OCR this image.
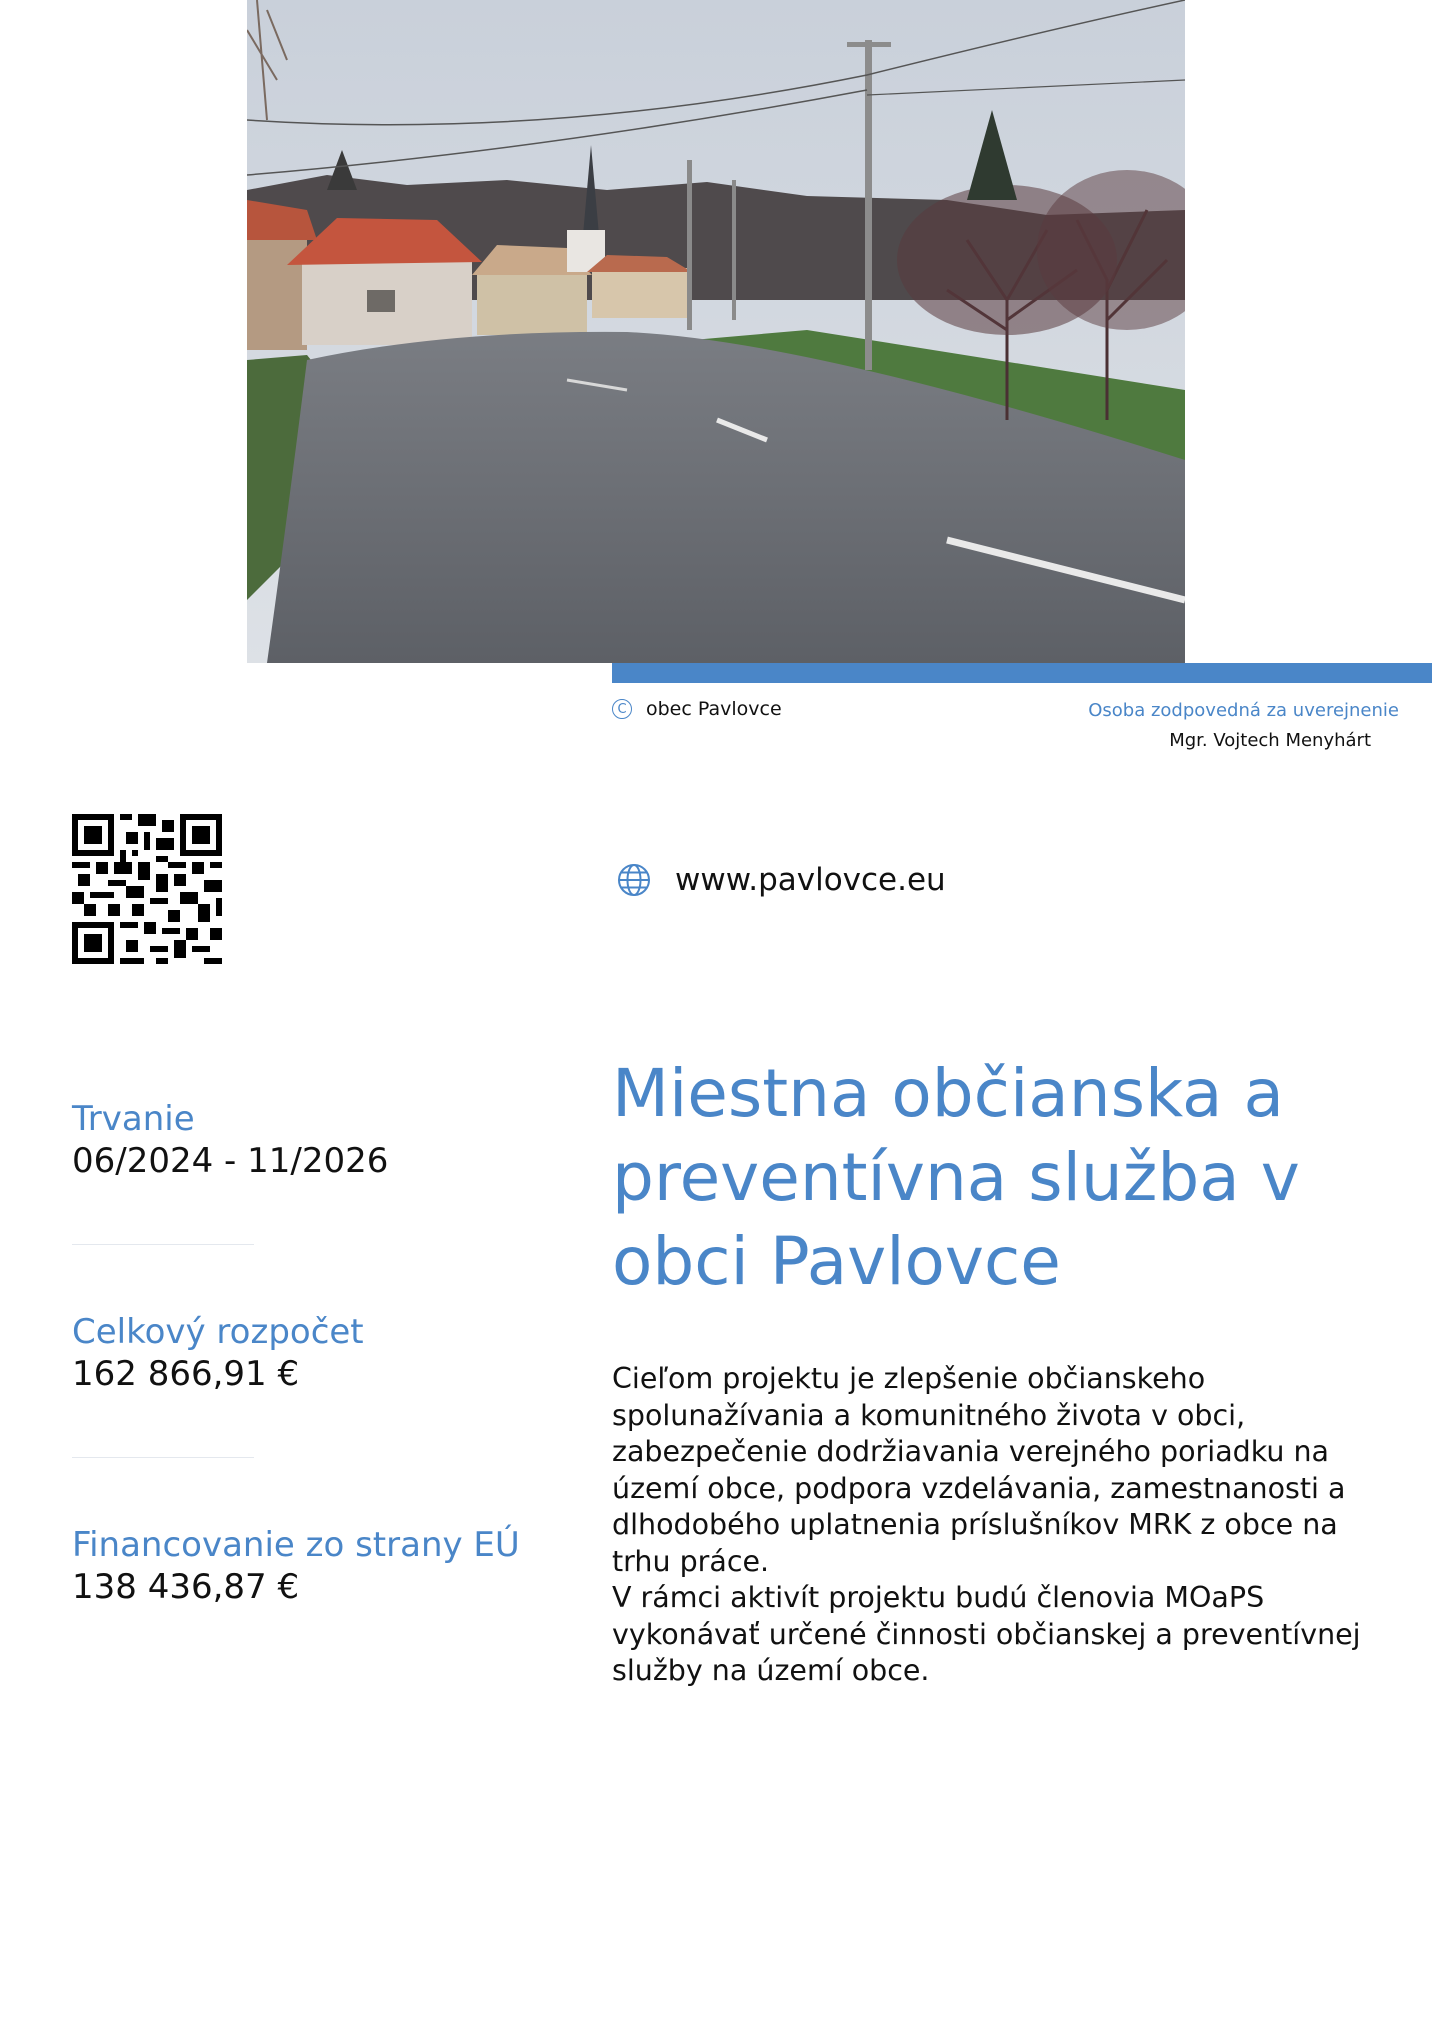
C obec Pavlovce	Osoba zodpovedná za uverejnenie
Mgr. Vojtech Menyhárt
www.pavlovce.eu
Trvanie
06/2024 - 11/2026
Celkový rozpočet
162 866,91 €
Financovanie zo strany EÚ
138 436,87 €
Miestna občianska a preventívna služba v obci Pavlovce

Cieľom projektu je zlepšenie občianskeho spolunažívania a komunitného života v obci, zabezpečenie dodržiavania verejného poriadku na území obce, podpora vzdelávania, zamestnanosti a dlhodobého uplatnenia príslušníkov MRK z obce na trhu práce.
V rámci aktivít projektu budú členovia MOaPS vykonávať určené činnosti občianskej a preventívnej služby na území obce.
